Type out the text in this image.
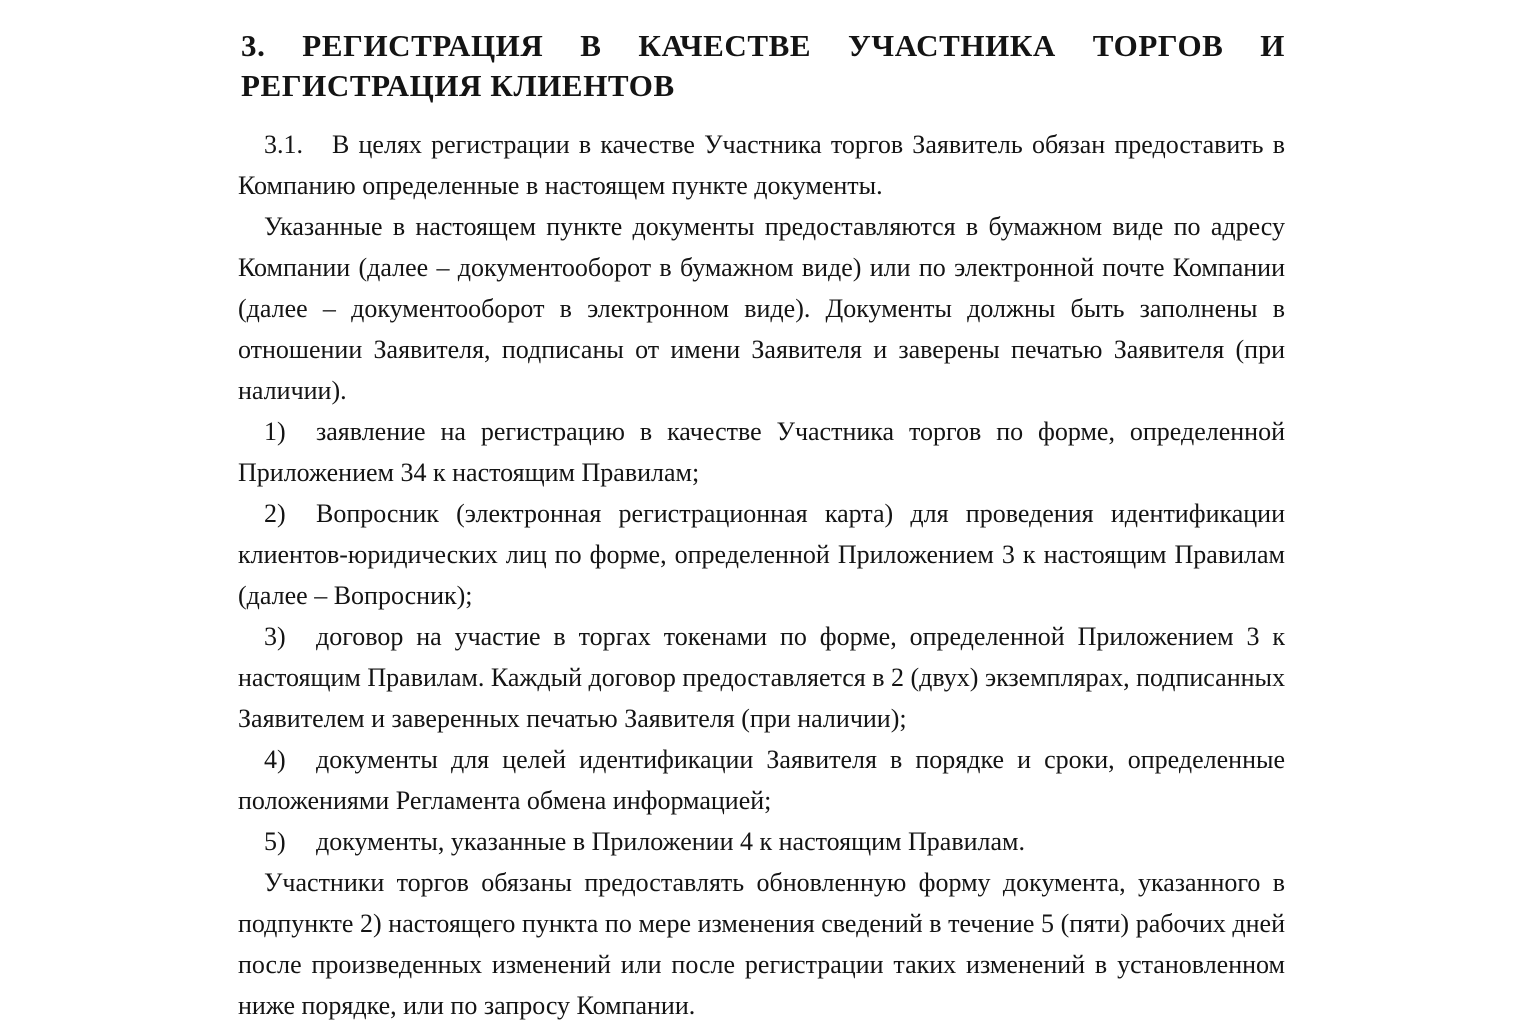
3. РЕГИСТРАЦИЯ В КАЧЕСТВЕ УЧАСТНИКА ТОРГОВ И РЕГИСТРАЦИЯ КЛИЕНТОВ

3.1. В целях регистрации в качестве Участника торгов Заявитель обязан предоставить в Компанию определенные в настоящем пункте документы.

Указанные в настоящем пункте документы предоставляются в бумажном виде по адресу Компании (далее – документооборот в бумажном виде) или по электронной почте Компании (далее – документооборот в электронном виде). Документы должны быть заполнены в отношении Заявителя, подписаны от имени Заявителя и заверены печатью Заявителя (при наличии).

1) заявление на регистрацию в качестве Участника торгов по форме, определенной Приложением 34 к настоящим Правилам;

2) Вопросник (электронная регистрационная карта) для проведения идентификации клиентов-юридических лиц по форме, определенной Приложением 3 к настоящим Правилам (далее – Вопросник);

3) договор на участие в торгах токенами по форме, определенной Приложением 3 к настоящим Правилам. Каждый договор предоставляется в 2 (двух) экземплярах, подписанных Заявителем и заверенных печатью Заявителя (при наличии);

4) документы для целей идентификации Заявителя в порядке и сроки, определенные положениями Регламента обмена информацией;

5) документы, указанные в Приложении 4 к настоящим Правилам.

Участники торгов обязаны предоставлять обновленную форму документа, указанного в подпункте 2) настоящего пункта по мере изменения сведений в течение 5 (пяти) рабочих дней после произведенных изменений или после регистрации таких изменений в установленном ниже порядке, или по запросу Компании.
